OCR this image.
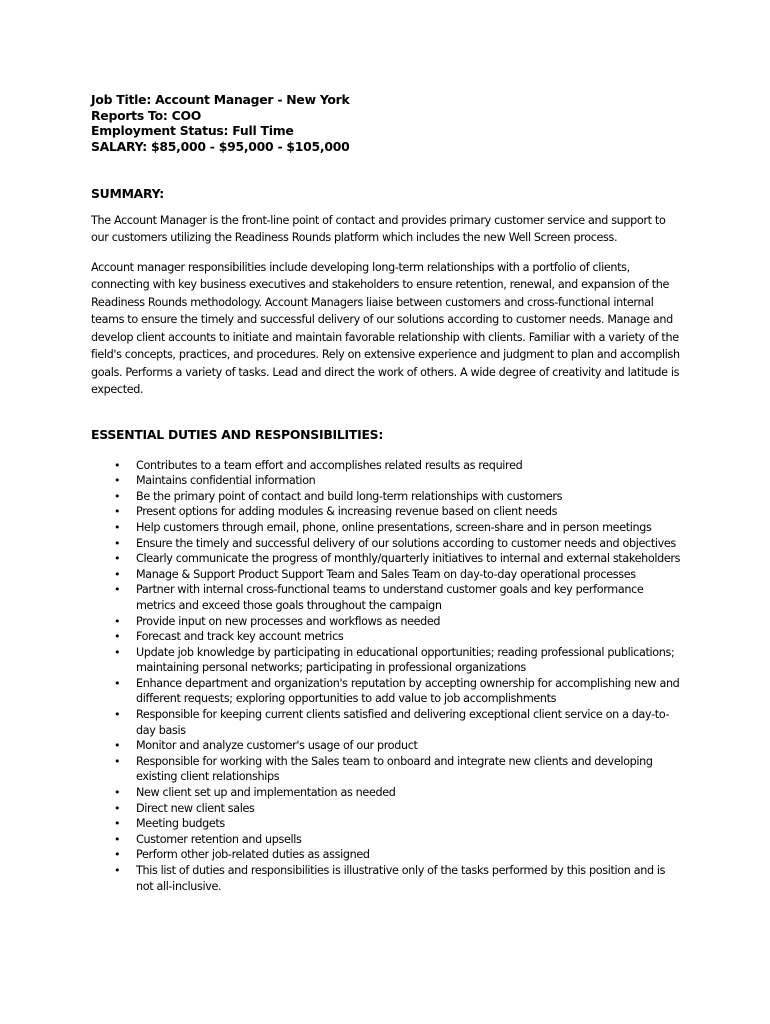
Job Title: Account Manager - New York
Reports To: COO
Employment Status: Full Time
SALARY: $85,000 - $95,000 - $105,000
SUMMARY:

The Account Manager is the front-line point of contact and provides primary customer service and support to our customers utilizing the Readiness Rounds platform which includes the new Well Screen process.

Account manager responsibilities include developing long-term relationships with a portfolio of clients, connecting with key business executives and stakeholders to ensure retention, renewal, and expansion of the Readiness Rounds methodology. Account Managers liaise between customers and cross-functional internal teams to ensure the timely and successful delivery of our solutions according to customer needs. Manage and develop client accounts to initiate and maintain favorable relationship with clients. Familiar with a variety of the field's concepts, practices, and procedures. Rely on extensive experience and judgment to plan and accomplish goals. Performs a variety of tasks. Lead and direct the work of others. A wide degree of creativity and latitude is expected.

ESSENTIAL DUTIES AND RESPONSIBILITIES:
• Contributes to a team effort and accomplishes related results as required
• Maintains confidential information
• Be the primary point of contact and build long-term relationships with customers
• Present options for adding modules & increasing revenue based on client needs
• Help customers through email, phone, online presentations, screen-share and in person meetings
• Ensure the timely and successful delivery of our solutions according to customer needs and objectives
• Clearly communicate the progress of monthly/quarterly initiatives to internal and external stakeholders
• Manage & Support Product Support Team and Sales Team on day-to-day operational processes
• Partner with internal cross-functional teams to understand customer goals and key performance metrics and exceed those goals throughout the campaign
• Provide input on new processes and workflows as needed
• Forecast and track key account metrics
• Update job knowledge by participating in educational opportunities; reading professional publications; maintaining personal networks; participating in professional organizations
• Enhance department and organization's reputation by accepting ownership for accomplishing new and different requests; exploring opportunities to add value to job accomplishments
• Responsible for keeping current clients satisfied and delivering exceptional client service on a day-to-day basis
• Monitor and analyze customer's usage of our product
• Responsible for working with the Sales team to onboard and integrate new clients and developing existing client relationships
• New client set up and implementation as needed
• Direct new client sales
• Meeting budgets
• Customer retention and upsells
• Perform other job-related duties as assigned
• This list of duties and responsibilities is illustrative only of the tasks performed by this position and is not all-inclusive.
